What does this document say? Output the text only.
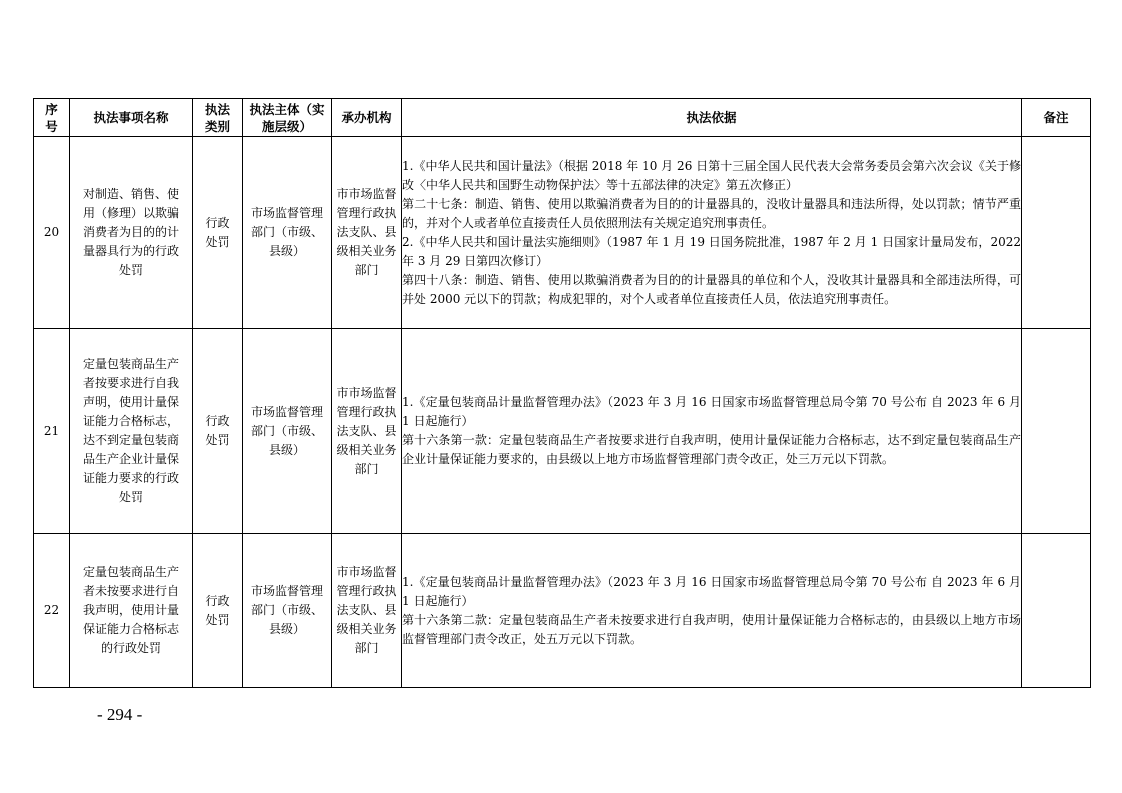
序号	执法事项名称	执法类别	执法主体（实施层级）	承办机构	执法依据	备注
20	对制造、销售、使用（修理）以欺骗消费者为目的的计量器具行为的行政处罚	行政处罚	市场监督管理部门（市级、县级）	市市场监督管理行政执法支队、县级相关业务部门	1.《中华人民共和国计量法》（根据 2018 年 10 月 26 日第十三届全国人民代表大会常务委员会第六次会议《关于修改〈中华人民共和国野生动物保护法〉等十五部法律的决定》第五次修正）
第二十七条：制造、销售、使用以欺骗消费者为目的的计量器具的，没收计量器具和违法所得，处以罚款；情节严重的，并对个人或者单位直接责任人员依照刑法有关规定追究刑事责任。
2.《中华人民共和国计量法实施细则》（1987 年 1 月 19 日国务院批准，1987 年 2 月 1 日国家计量局发布，2022 年 3 月 29 日第四次修订）
第四十八条：制造、销售、使用以欺骗消费者为目的的计量器具的单位和个人，没收其计量器具和全部违法所得，可并处 2000 元以下的罚款；构成犯罪的，对个人或者单位直接责任人员，依法追究刑事责任。	

21	定量包装商品生产者按要求进行自我声明，使用计量保证能力合格标志，达不到定量包装商品生产企业计量保证能力要求的行政处罚	行政处罚	市场监督管理部门（市级、县级）	市市场监督管理行政执法支队、县级相关业务部门	1.《定量包装商品计量监督管理办法》（2023 年 3 月 16 日国家市场监督管理总局令第 70 号公布 自 2023 年 6 月 1 日起施行）
第十六条第一款：定量包装商品生产者按要求进行自我声明，使用计量保证能力合格标志，达不到定量包装商品生产企业计量保证能力要求的，由县级以上地方市场监督管理部门责令改正，处三万元以下罚款。	

22	定量包装商品生产者未按要求进行自我声明，使用计量保证能力合格标志的行政处罚	行政处罚	市场监督管理部门（市级、县级）	市市场监督管理行政执法支队、县级相关业务部门	1.《定量包装商品计量监督管理办法》（2023 年 3 月 16 日国家市场监督管理总局令第 70 号公布 自 2023 年 6 月 1 日起施行）
第十六条第二款：定量包装商品生产者未按要求进行自我声明，使用计量保证能力合格标志的，由县级以上地方市场监督管理部门责令改正，处五万元以下罚款。	

- 294 -
